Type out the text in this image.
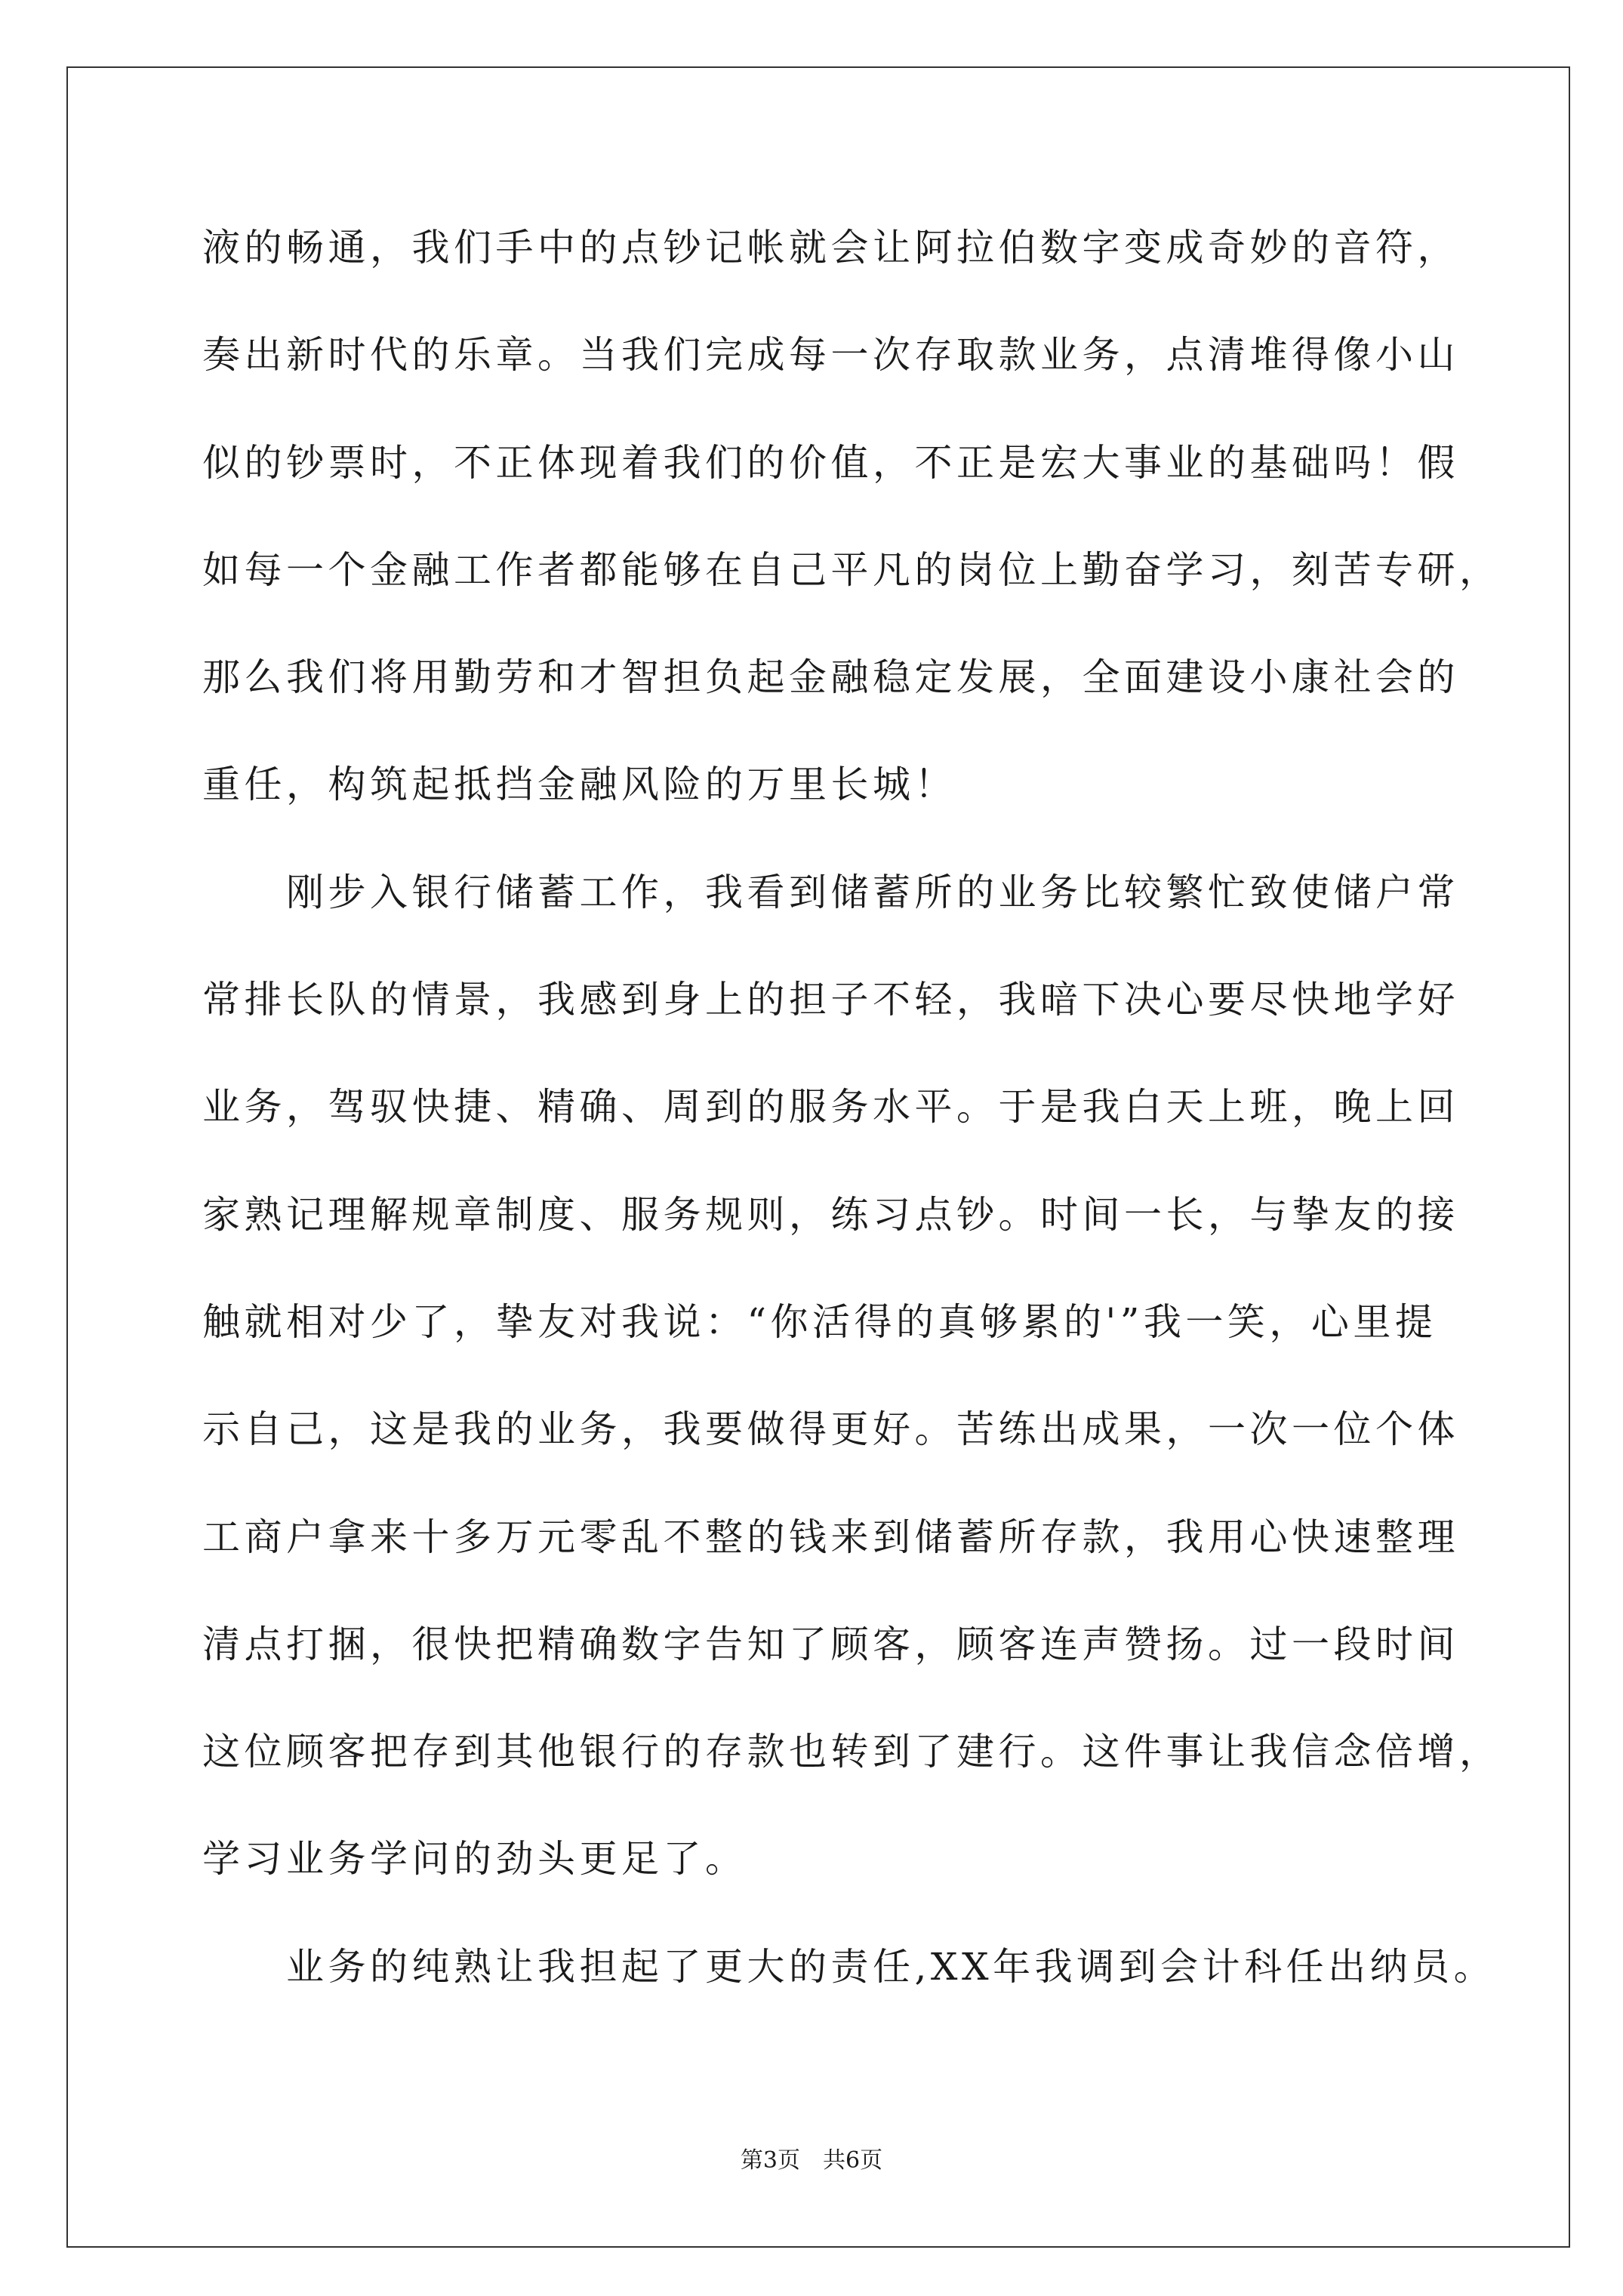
液的畅通，我们手中的点钞记帐就会让阿拉伯数字变成奇妙的音符，
奏出新时代的乐章。当我们完成每一次存取款业务，点清堆得像小山
似的钞票时，不正体现着我们的价值，不正是宏大事业的基础吗！假
如每一个金融工作者都能够在自己平凡的岗位上勤奋学习，刻苦专研，
那么我们将用勤劳和才智担负起金融稳定发展，全面建设小康社会的
重任，构筑起抵挡金融风险的万里长城！
刚步入银行储蓄工作，我看到储蓄所的业务比较繁忙致使储户常
常排长队的情景，我感到身上的担子不轻，我暗下决心要尽快地学好
业务，驾驭快捷、精确、周到的服务水平。于是我白天上班，晚上回
家熟记理解规章制度、服务规则，练习点钞。时间一长，与挚友的接
触就相对少了，挚友对我说：“你活得的真够累的'”我一笑，心里提
示自己，这是我的业务，我要做得更好。苦练出成果，一次一位个体
工商户拿来十多万元零乱不整的钱来到储蓄所存款，我用心快速整理
清点打捆，很快把精确数字告知了顾客，顾客连声赞扬。过一段时间
这位顾客把存到其他银行的存款也转到了建行。这件事让我信念倍增，
学习业务学问的劲头更足了。
业务的纯熟让我担起了更大的责任,XX年我调到会计科任出纳员。
第3页　共6页
